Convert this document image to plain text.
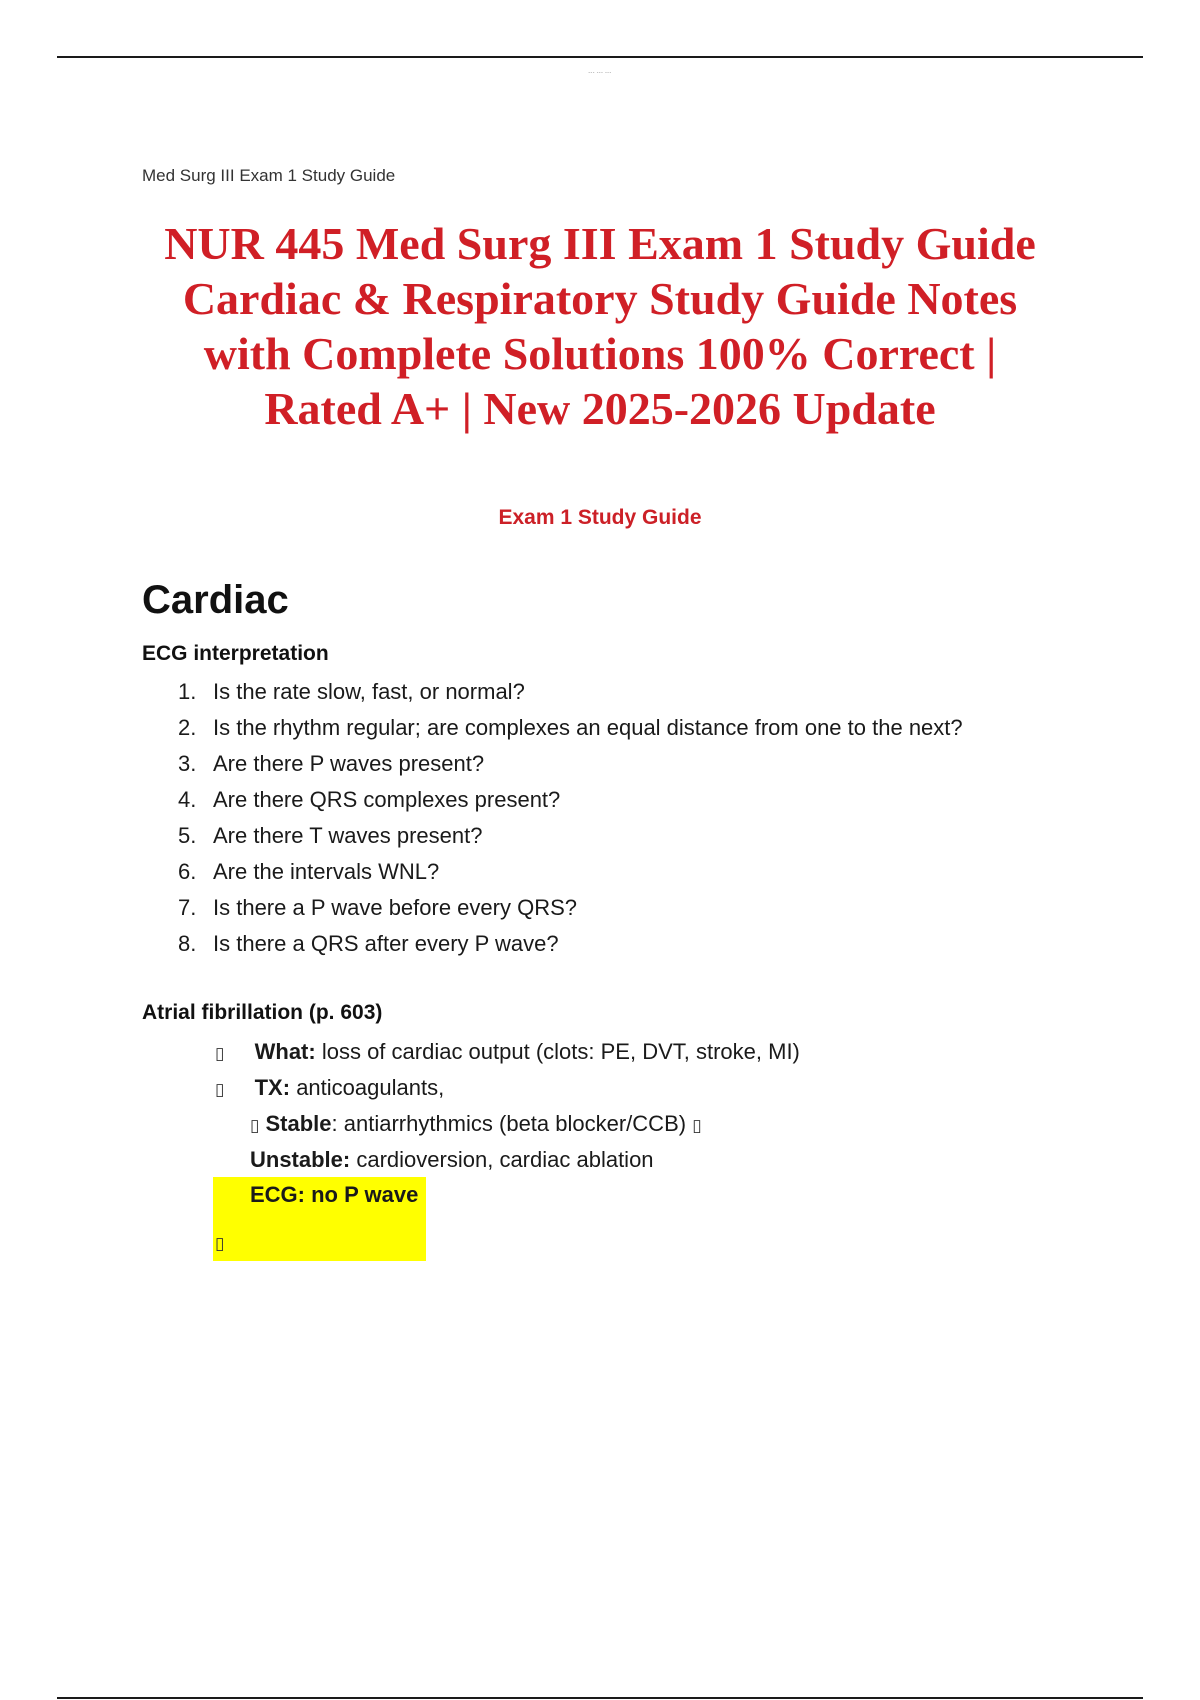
--- --- ---
Med Surg III Exam 1 Study Guide
NUR 445 Med Surg III Exam 1 Study Guide
Cardiac & Respiratory Study Guide Notes
with Complete Solutions 100% Correct |
Rated A+ | New 2025-2026 Update
Exam 1 Study Guide
Cardiac
ECG interpretation
1. Is the rate slow, fast, or normal?
2. Is the rhythm regular; are complexes an equal distance from one to the next?
3. Are there P waves present?
4. Are there QRS complexes present?
5. Are there T waves present?
6. Are the intervals WNL?
7. Is there a P wave before every QRS?
8. Is there a QRS after every P wave?
Atrial fibrillation (p. 603)
▯ What: loss of cardiac output (clots: PE, DVT, stroke, MI)
▯ TX: anticoagulants,
▯ Stable: antiarrhythmics (beta blocker/CCB) ▯
Unstable: cardioversion, cardiac ablation
ECG: no P wave
▯
